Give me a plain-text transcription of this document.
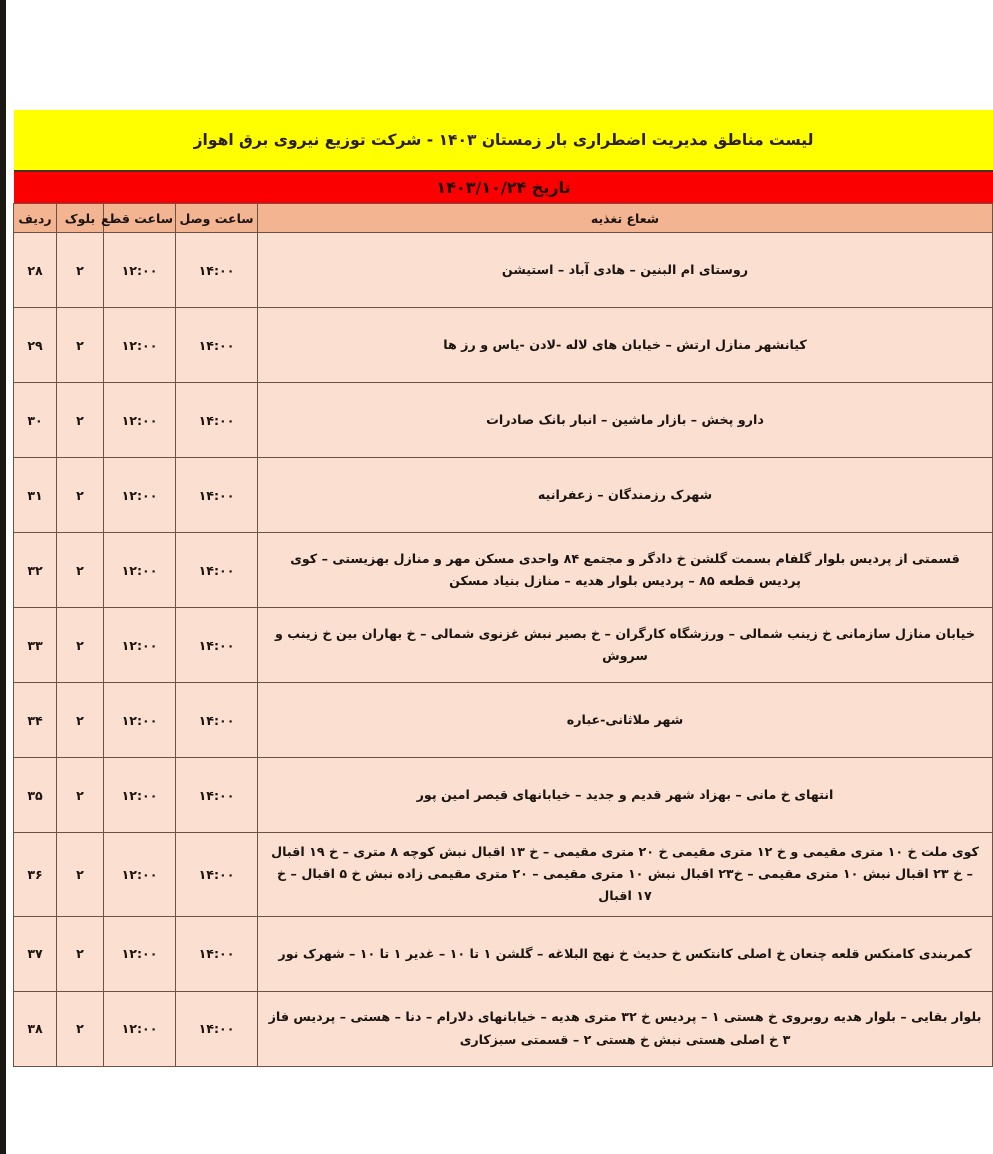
لیست مناطق مدیریت اضطراری بار زمستان ۱۴۰۳ - شرکت توزیع نیروی برق اهواز
تاریخ ۱۴۰۳/۱۰/۲۴
شعاع تغذیه	ساعت وصل	ساعت قطع	بلوک	ردیف
روستای ام البنین – هادی آباد – استیشن	۱۴:۰۰	۱۲:۰۰	۲	۲۸
کیانشهر منازل ارتش – خیابان های لاله -لادن -یاس و رز ها	۱۴:۰۰	۱۲:۰۰	۲	۲۹
دارو پخش – بازار ماشین – انبار بانک صادرات	۱۴:۰۰	۱۲:۰۰	۲	۳۰
شهرک رزمندگان – زعفرانیه	۱۴:۰۰	۱۲:۰۰	۲	۳۱
قسمتی از پردیس بلوار گلفام بسمت گلشن خ دادگر و مجتمع ۸۴ واحدی مسکن مهر و منازل بهزیستی – کوی پردیس قطعه ۸۵ – پردیس بلوار هدیه – منازل بنیاد مسکن	۱۴:۰۰	۱۲:۰۰	۲	۳۲
خیابان منازل سازمانی خ زینب شمالی – ورزشگاه کارگران – خ بصیر نبش غزنوی شمالی – خ بهاران بین خ زینب و سروش	۱۴:۰۰	۱۲:۰۰	۲	۳۳
شهر ملاثانی-عباره	۱۴:۰۰	۱۲:۰۰	۲	۳۴
انتهای خ مانی – بهزاد شهر قدیم و جدید – خیابانهای قیصر امین پور	۱۴:۰۰	۱۲:۰۰	۲	۳۵
کوی ملت خ ۱۰ متری مقیمی و خ ۱۲ متری مقیمی خ ۲۰ متری مقیمی – خ ۱۳ اقبال نبش کوچه ۸ متری – خ ۱۹ اقبال – خ ۲۳ اقبال نبش ۱۰ متری مقیمی – خ۲۳ اقبال نبش ۱۰ متری مقیمی – ۲۰ متری مقیمی زاده نبش خ ۵ اقبال – خ ۱۷ اقبال	۱۴:۰۰	۱۲:۰۰	۲	۳۶
کمربندی کامنکس قلعه چنعان خ اصلی کانتکس خ حدیث خ نهج البلاغه – گلشن ۱ تا ۱۰ – غدیر ۱ تا ۱۰ – شهرک نور	۱۴:۰۰	۱۲:۰۰	۲	۳۷
بلوار بقایی – بلوار هدیه روبروی خ هستی ۱ – پردیس خ ۳۲ متری هدیه – خیابانهای دلارام – دنا – هستی – پردیس فاز ۳ خ اصلی هستی نبش خ هستی ۲ – قسمتی سبزکاری	۱۴:۰۰	۱۲:۰۰	۲	۳۸
